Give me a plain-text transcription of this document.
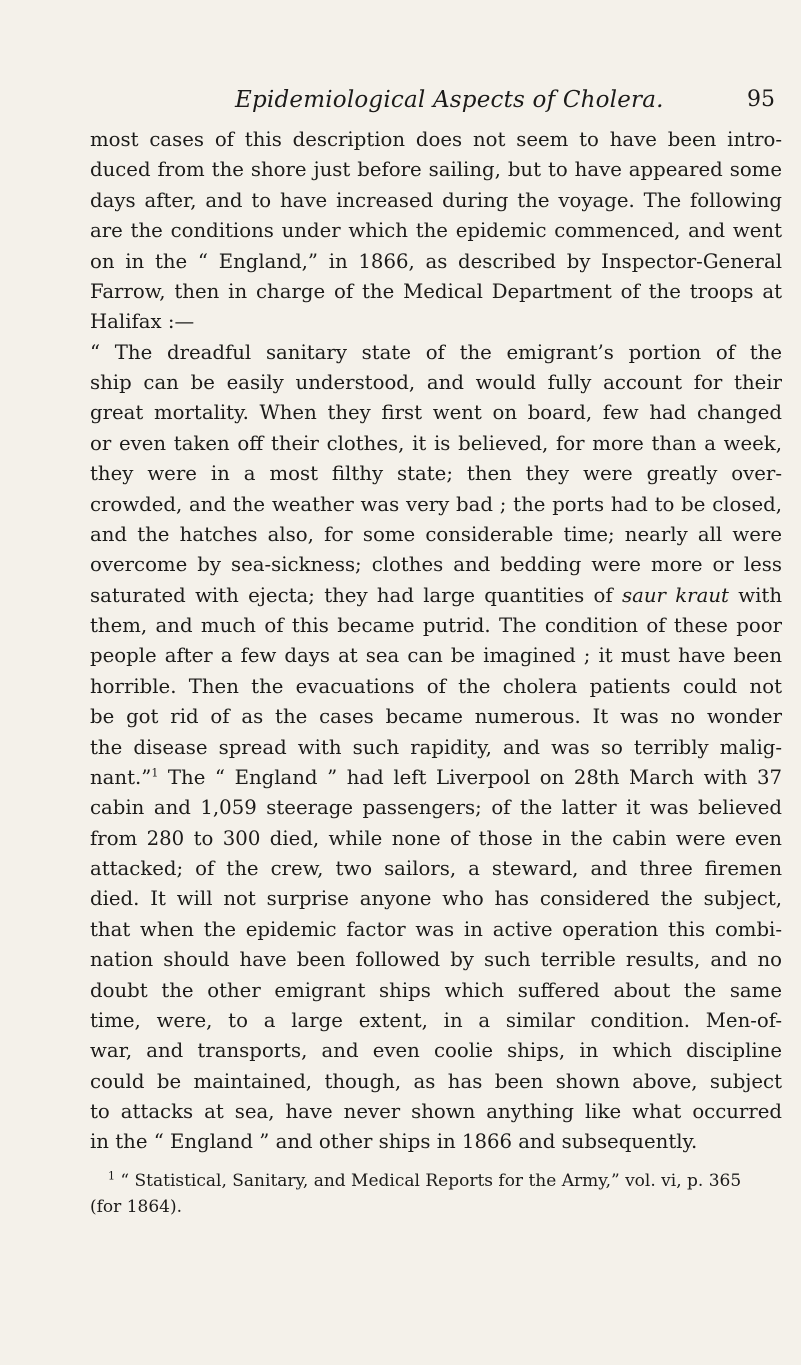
Epidemiological Aspects of Cholera.	95
most cases of this description does not seem to have been intro-
duced from the shore just before sailing, but to have appeared some
days after, and to have increased during the voyage. The following
are the conditions under which the epidemic commenced, and went
on in the “ England,” in 1866, as described by Inspector-General
Farrow, then in charge of the Medical Department of the troops at
Halifax :—
“ The dreadful sanitary state of the emigrant’s portion of the
ship can be easily understood, and would fully account for their
great mortality. When they first went on board, few had changed
or even taken off their clothes, it is believed, for more than a week,
they were in a most filthy state; then they were greatly over-
crowded, and the weather was very bad ; the ports had to be closed,
and the hatches also, for some considerable time; nearly all were
overcome by sea-sickness; clothes and bedding were more or less
saturated with ejecta; they had large quantities of saur kraut with
them, and much of this became putrid. The condition of these poor
people after a few days at sea can be imagined ; it must have been
horrible. Then the evacuations of the cholera patients could not
be got rid of as the cases became numerous. It was no wonder
the disease spread with such rapidity, and was so terribly malig-
nant.”$^1$ The “ England ” had left Liverpool on 28th March with 37
cabin and 1,059 steerage passengers; of the latter it was believed
from 280 to 300 died, while none of those in the cabin were even
attacked; of the crew, two sailors, a steward, and three firemen
died. It will not surprise anyone who has considered the subject,
that when the epidemic factor was in active operation this combi-
nation should have been followed by such terrible results, and no
doubt the other emigrant ships which suffered about the same
time, were, to a large extent, in a similar condition. Men-of-
war, and transports, and even coolie ships, in which discipline
could be maintained, though, as has been shown above, subject
to attacks at sea, have never shown anything like what occurred
in the “ England ” and other ships in 1866 and subsequently.
$^1$ “ Statistical, Sanitary, and Medical Reports for the Army,” vol. vi, p. 365
(for 1864).
